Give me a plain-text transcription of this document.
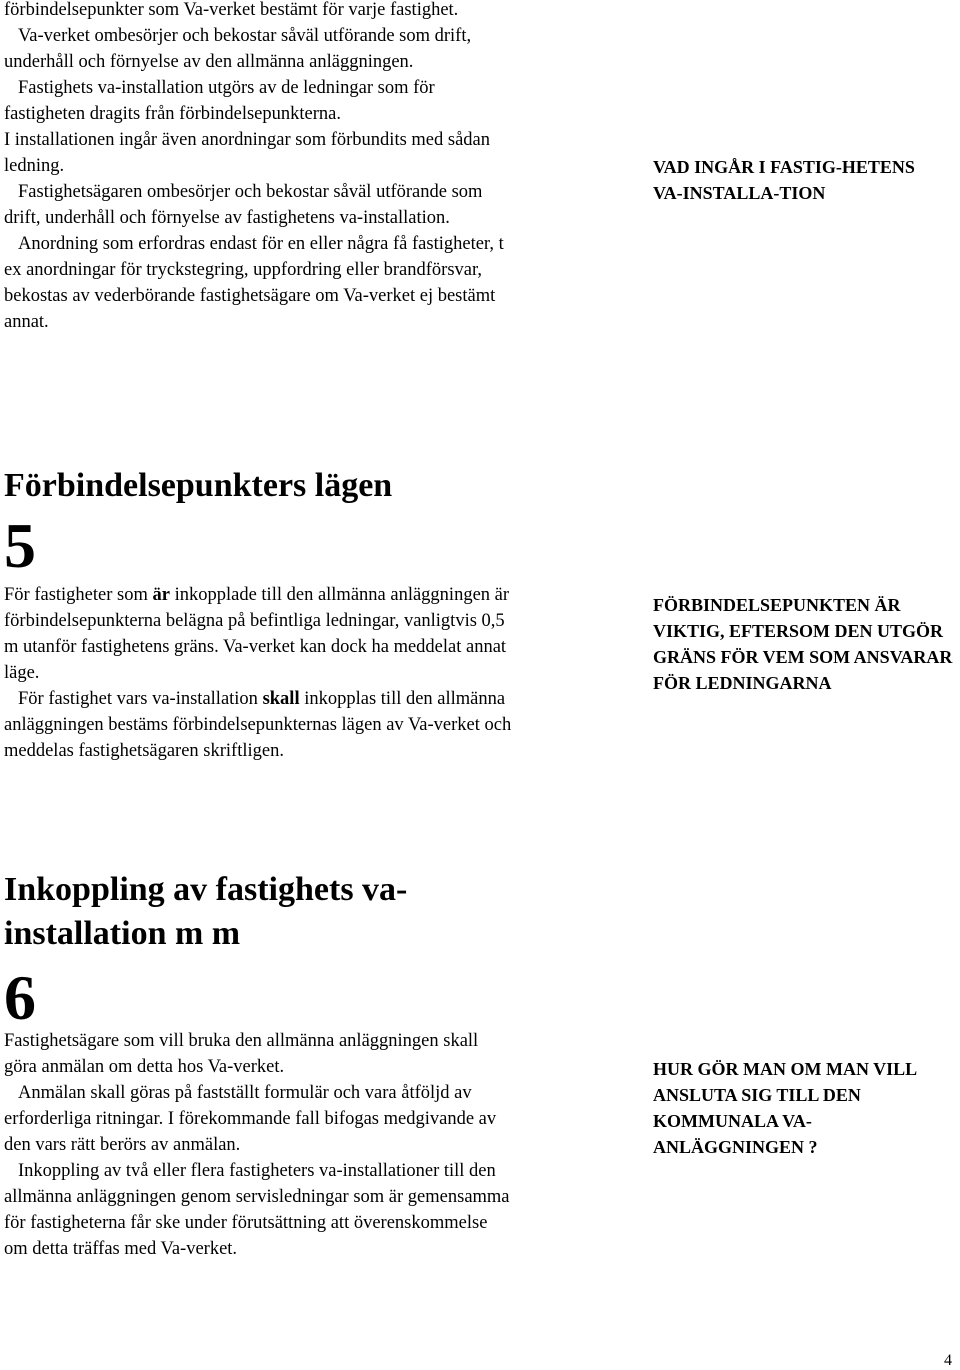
förbindelsepunkter som Va-verket bestämt för varje fastighet.

Va-verket ombesörjer och bekostar såväl utförande som drift, underhåll och förnyelse av den allmänna anläggningen.

Fastighets va-installation utgörs av de ledningar som för fastigheten dragits från förbindelsepunkterna.

I installationen ingår även anordningar som förbundits med sådan ledning.

Fastighetsägaren ombesörjer och bekostar såväl utförande som drift, underhåll och förnyelse av fastighetens va-installation.

Anordning som erfordras endast för en eller några få fastigheter, t ex anordningar för tryckstegring, uppfordring eller brandförsvar, bekostas av vederbörande fastighetsägare om Va-verket ej bestämt annat.

VAD INGÅR I FASTIG-HETENS VA-INSTALLA-TION

Förbindelsepunkters lägen
5

För fastigheter som är inkopplade till den allmänna anläggningen är förbindelsepunkterna belägna på befintliga ledningar, vanligtvis 0,5 m utanför fastighetens gräns. Va-verket kan dock ha meddelat annat läge.

För fastighet vars va-installation skall inkopplas till den allmänna anläggningen bestäms förbindelsepunkternas lägen av Va-verket och meddelas fastighetsägaren skriftligen.

FÖRBINDELSEPUNKTEN ÄR VIKTIG, EFTERSOM DEN UTGÖR GRÄNS FÖR VEM SOM ANSVARAR FÖR LEDNINGARNA

Inkoppling av fastighets va-installation m m
6

Fastighetsägare som vill bruka den allmänna anläggningen skall göra anmälan om detta hos Va-verket.

Anmälan skall göras på fastställt formulär och vara åtföljd av erforderliga ritningar. I förekommande fall bifogas medgivande av den vars rätt berörs av anmälan.

Inkoppling av två eller flera fastigheters va-installationer till den allmänna anläggningen genom servisledningar som är gemensamma för fastigheterna får ske under förutsättning att överenskommelse om detta träffas med Va-verket.

HUR GÖR MAN OM MAN VILL ANSLUTA SIG TILL DEN KOMMUNALA VA-ANLÄGGNINGEN ?

4
